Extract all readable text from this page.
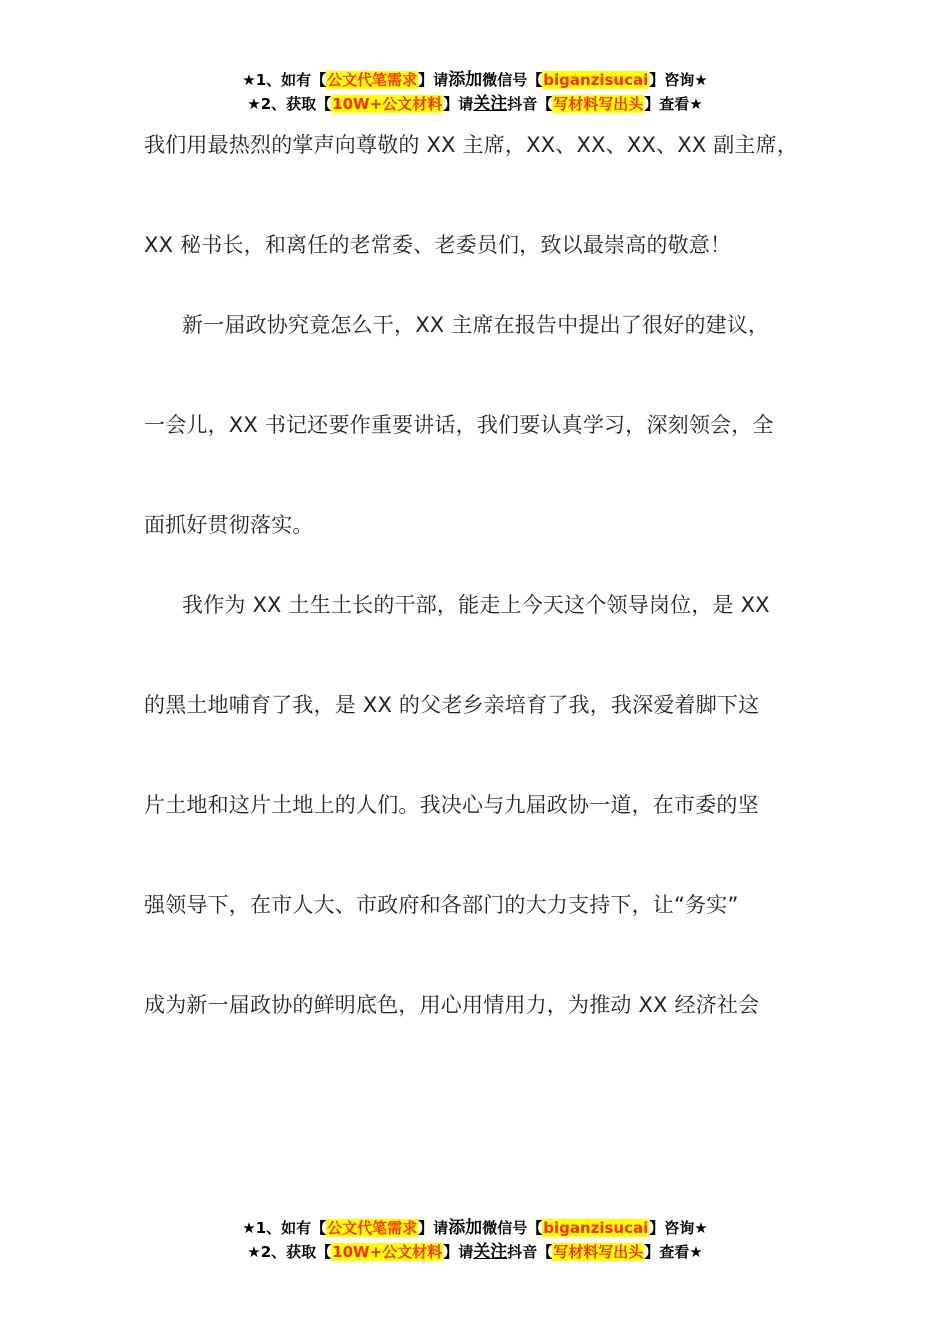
★1、如有【公文代笔需求】请添加微信号【biganzisucai】咨询★
★2、获取【10W+公文材料】请关注抖音【写材料写出头】查看★
我们用最热烈的掌声向尊敬的 XX 主席，XX、XX、XX、XX 副主席，
XX 秘书长，和离任的老常委、老委员们，致以最崇高的敬意！
新一届政协究竟怎么干，XX 主席在报告中提出了很好的建议，
一会儿，XX 书记还要作重要讲话，我们要认真学习，深刻领会，全
面抓好贯彻落实。
我作为 XX 土生土长的干部，能走上今天这个领导岗位，是 XX
的黑土地哺育了我，是 XX 的父老乡亲培育了我，我深爱着脚下这
片土地和这片土地上的人们。我决心与九届政协一道，在市委的坚
强领导下，在市人大、市政府和各部门的大力支持下，让“务实”
成为新一届政协的鲜明底色，用心用情用力，为推动 XX 经济社会
★1、如有【公文代笔需求】请添加微信号【biganzisucai】咨询★
★2、获取【10W+公文材料】请关注抖音【写材料写出头】查看★
